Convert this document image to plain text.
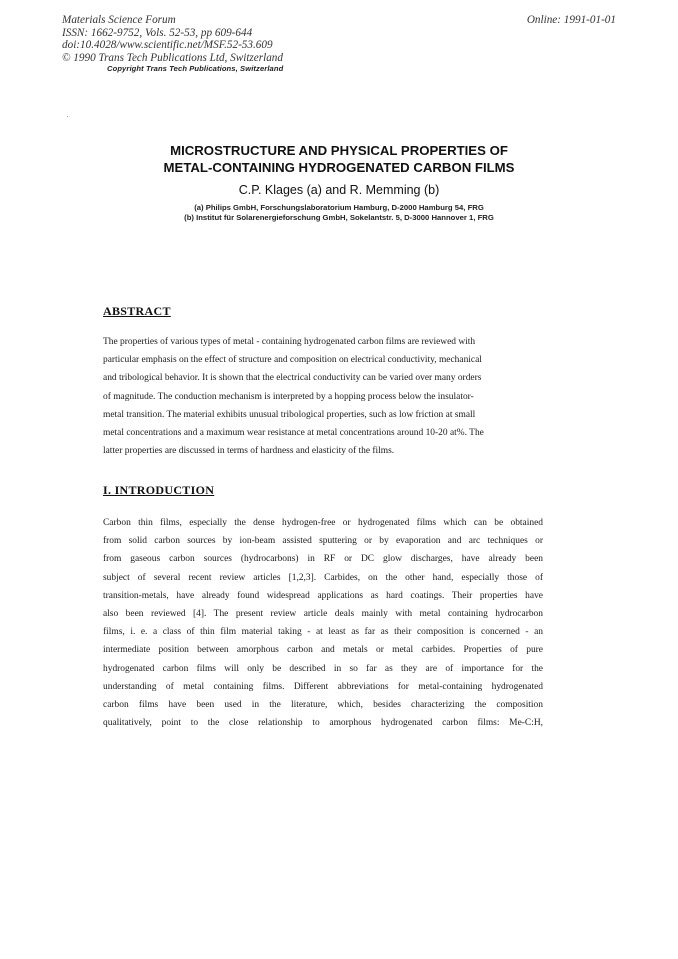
Materials Science Forum
ISSN: 1662-9752, Vols. 52-53, pp 609-644
doi:10.4028/www.scientific.net/MSF.52-53.609
© 1990 Trans Tech Publications Ltd, Switzerland
Online: 1991-01-01
Copyright Trans Tech Publications, Switzerland
MICROSTRUCTURE AND PHYSICAL PROPERTIES OF
METAL-CONTAINING HYDROGENATED CARBON FILMS
C.P. Klages (a) and R. Memming (b)
(a) Philips GmbH, Forschungslaboratorium Hamburg, D-2000 Hamburg 54, FRG
(b) Institut für Solarenergieforschung GmbH, Sokelantstr. 5, D-3000 Hannover 1, FRG
ABSTRACT
The properties of various types of metal - containing hydrogenated carbon films are reviewed with
particular emphasis on the effect of structure and composition on electrical conductivity, mechanical
and tribological behavior. It is shown that the electrical conductivity can be varied over many orders
of magnitude. The conduction mechanism is interpreted by a hopping process below the insulator-
metal transition. The material exhibits unusual tribological properties, such as low friction at small
metal concentrations and a maximum wear resistance at metal concentrations around 10-20 at%. The
latter properties are discussed in terms of hardness and elasticity of the films.
I. INTRODUCTION
Carbon thin films, especially the dense hydrogen-free or hydrogenated films which can be obtained
from solid carbon sources by ion-beam assisted sputtering or by evaporation and arc techniques or
from gaseous carbon sources (hydrocarbons) in RF or DC glow discharges, have already been
subject of several recent review articles [1,2,3]. Carbides, on the other hand, especially those of
transition-metals, have already found widespread applications as hard coatings. Their properties have
also been reviewed [4]. The present review article deals mainly with metal containing hydrocarbon
films, i. e. a class of thin film material taking - at least as far as their composition is concerned - an
intermediate position between amorphous carbon and metals or metal carbides. Properties of pure
hydrogenated carbon films will only be described in so far as they are of importance for the
understanding of metal containing films. Different abbreviations for metal-containing hydrogenated
carbon films have been used in the literature, which, besides characterizing the composition
qualitatively, point to the close relationship to amorphous hydrogenated carbon films: Me-C:H,
